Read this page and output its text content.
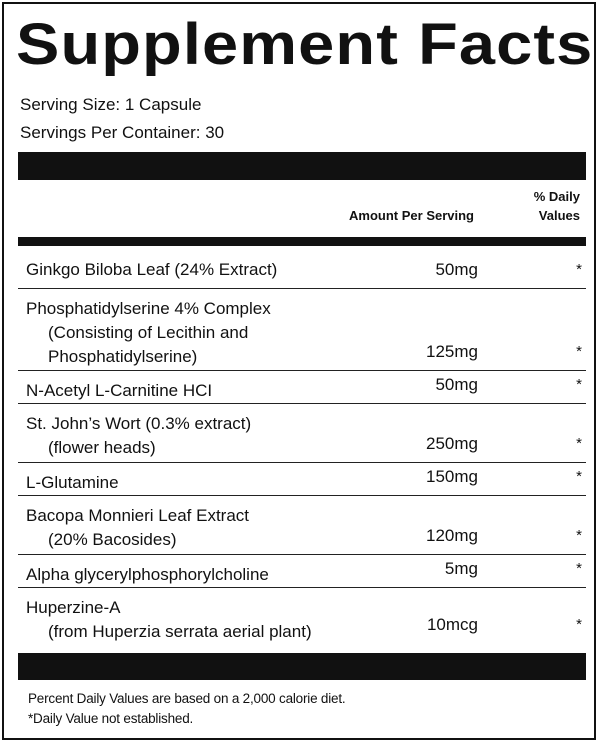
Supplement Facts
Serving Size: 1 Capsule
Servings Per Container: 30
Amount Per Serving
% Daily
Values
Ginkgo Biloba Leaf (24% Extract)	50mg	*
Phosphatidylserine 4% Complex
(Consisting of Lecithin and
Phosphatidylserine)	125mg	*
N-Acetyl L-Carnitine HCI	50mg	*
St. John’s Wort (0.3% extract)
(flower heads)	250mg	*
L-Glutamine	150mg	*
Bacopa Monnieri Leaf Extract
(20% Bacosides)	120mg	*
Alpha glycerylphosphorylcholine	5mg	*
Huperzine-A
(from Huperzia serrata aerial plant)	10mcg	*
Percent Daily Values are based on a 2,000 calorie diet.
*Daily Value not established.
